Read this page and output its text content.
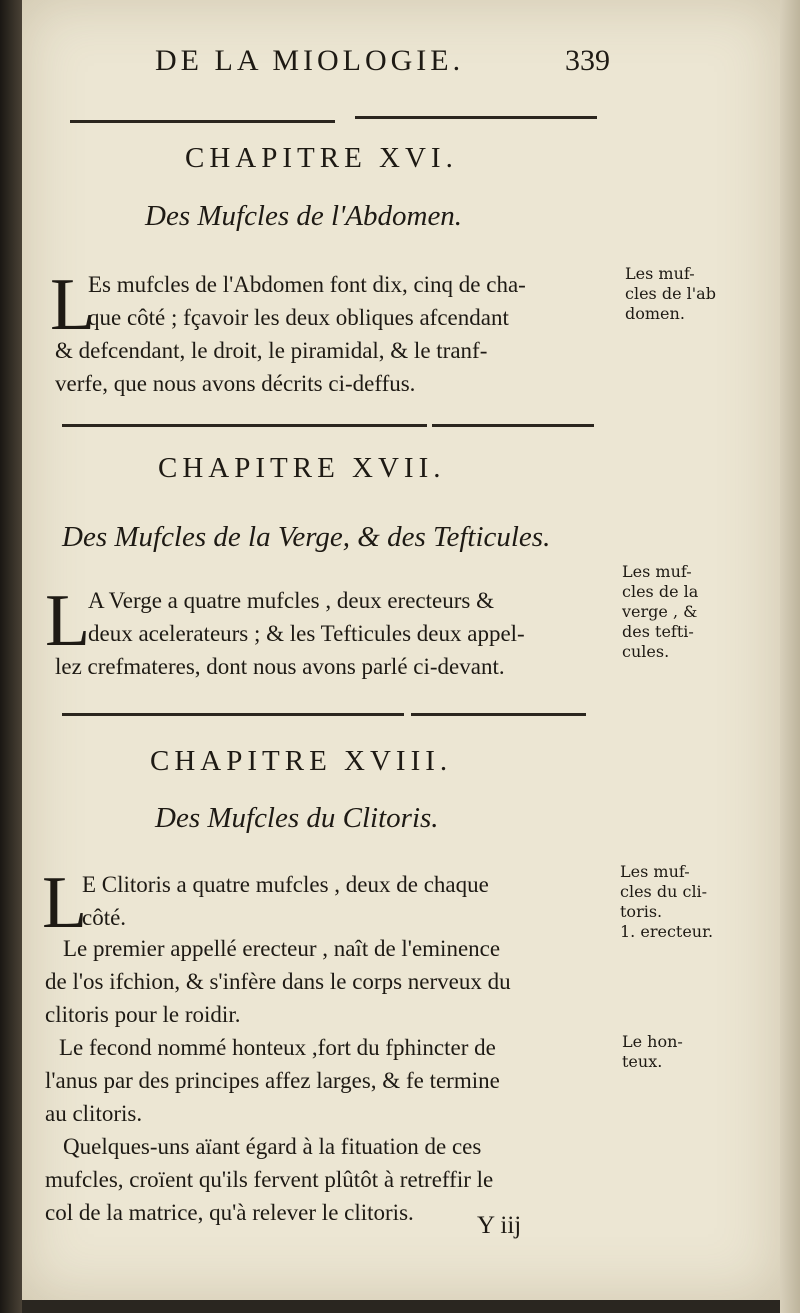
DE LA MIOLOGIE.	339
CHAPITRE XVI.
Des Mufcles de l'Abdomen.
L
Es mufcles de l'Abdomen font dix, cinq de cha-
que côté ; fçavoir les deux obliques afcendant
& defcendant, le droit, le piramidal, & le tranf-
verfe, que nous avons décrits ci-deffus.
Les muf-
cles de l'ab
domen.
CHAPITRE XVII.
Des Mufcles de la Verge, & des Tefticules.
L
A Verge a quatre mufcles , deux erecteurs &
deux acelerateurs ; & les Tefticules deux appel-
lez crefmateres, dont nous avons parlé ci-devant.
Les muf-
cles de la
verge , &
des tefti-
cules.
CHAPITRE XVIII.
Des Mufcles du Clitoris.
L
E Clitoris a quatre mufcles , deux de chaque
côté.
Le premier appellé erecteur , naît de l'eminence
de l'os ifchion, & s'infère dans le corps nerveux du
clitoris pour le roidir.
Le fecond nommé honteux ,fort du fphincter de
l'anus par des principes affez larges, & fe termine
au clitoris.
Quelques-uns aïant égard à la fituation de ces
mufcles, croïent qu'ils fervent plûtôt à retreffir le
col de la matrice, qu'à relever le clitoris.
Les muf-
cles du cli-
toris.
1. erecteur.
Le hon-
teux.
Y iij
